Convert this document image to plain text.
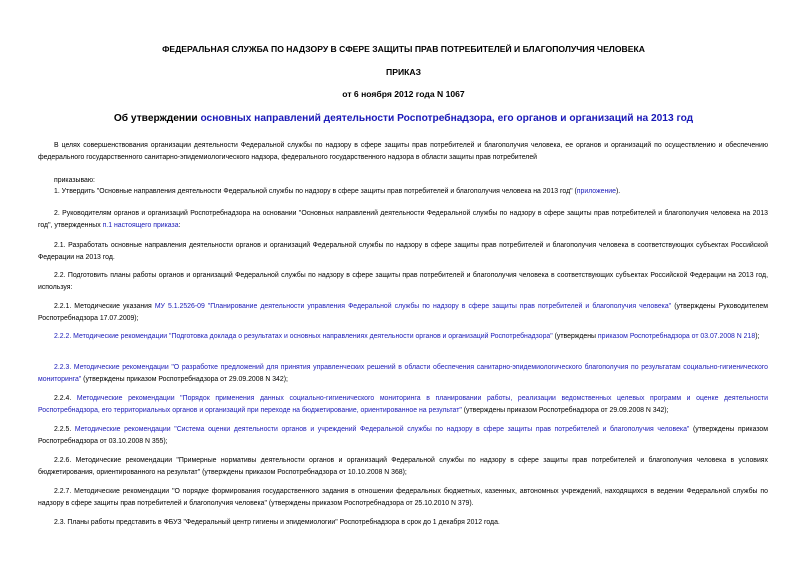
ФЕДЕРАЛЬНАЯ СЛУЖБА ПО НАДЗОРУ В СФЕРЕ ЗАЩИТЫ ПРАВ ПОТРЕБИТЕЛЕЙ И БЛАГОПОЛУЧИЯ ЧЕЛОВЕКА
ПРИКАЗ
от 6 ноября 2012 года N 1067
Об утверждении основных направлений деятельности Роспотребнадзора, его органов и организаций на 2013 год
В целях совершенствования организации деятельности Федеральной службы по надзору в сфере защиты прав потребителей и благополучия человека, ее органов и организаций по осуществлению и обеспечению федерального государственного санитарно-эпидемиологического надзора, федерального государственного надзора в области защиты прав потребителей
приказываю:
1. Утвердить "Основные направления деятельности Федеральной службы по надзору в сфере защиты прав потребителей и благополучия человека на 2013 год" (приложение).
2. Руководителям органов и организаций Роспотребнадзора на основании "Основных направлений деятельности Федеральной службы по надзору в сфере защиты прав потребителей и благополучия человека на 2013 год", утвержденных п.1 настоящего приказа:
2.1. Разработать основные направления деятельности органов и организаций Федеральной службы по надзору в сфере защиты прав потребителей и благополучия человека в соответствующих субъектах Российской Федерации на 2013 год.
2.2. Подготовить планы работы органов и организаций Федеральной службы по надзору в сфере защиты прав потребителей и благополучия человека в соответствующих субъектах Российской Федерации на 2013 год, используя:
2.2.1. Методические указания МУ 5.1.2526-09 "Планирование деятельности управления Федеральной службы по надзору в сфере защиты прав потребителей и благополучия человека" (утверждены Руководителем Роспотребнадзора 17.07.2009);
2.2.2. Методические рекомендации "Подготовка доклада о результатах и основных направлениях деятельности органов и организаций Роспотребнадзора" (утверждены приказом Роспотребнадзора от 03.07.2008 N 218);
2.2.3. Методические рекомендации "О разработке предложений для принятия управленческих решений в области обеспечения санитарно-эпидемиологического благополучия по результатам социально-гигиенического мониторинга" (утверждены приказом Роспотребнадзора от 29.09.2008 N 342);
2.2.4. Методические рекомендации "Порядок применения данных социально-гигиенического мониторинга в планировании работы, реализации ведомственных целевых программ и оценке деятельности Роспотребнадзора, его территориальных органов и организаций при переходе на бюджетирование, ориентированное на результат" (утверждены приказом Роспотребнадзора от 29.09.2008 N 342);
2.2.5. Методические рекомендации "Система оценки деятельности органов и учреждений Федеральной службы по надзору в сфере защиты прав потребителей и благополучия человека" (утверждены приказом Роспотребнадзора от 03.10.2008 N 355);
2.2.6. Методические рекомендации "Примерные нормативы деятельности органов и организаций Федеральной службы по надзору в сфере защиты прав потребителей и благополучия человека в условиях бюджетирования, ориентированного на результат" (утверждены приказом Роспотребнадзора от 10.10.2008 N 368);
2.2.7. Методические рекомендации "О порядке формирования государственного задания в отношении федеральных бюджетных, казенных, автономных учреждений, находящихся в ведении Федеральной службы по надзору в сфере защиты прав потребителей и благополучия человека" (утверждены приказом Роспотребнадзора от 25.10.2010 N 379).
2.3. Планы работы представить в ФБУЗ "Федеральный центр гигиены и эпидемиологии" Роспотребнадзора в срок до 1 декабря 2012 года.
